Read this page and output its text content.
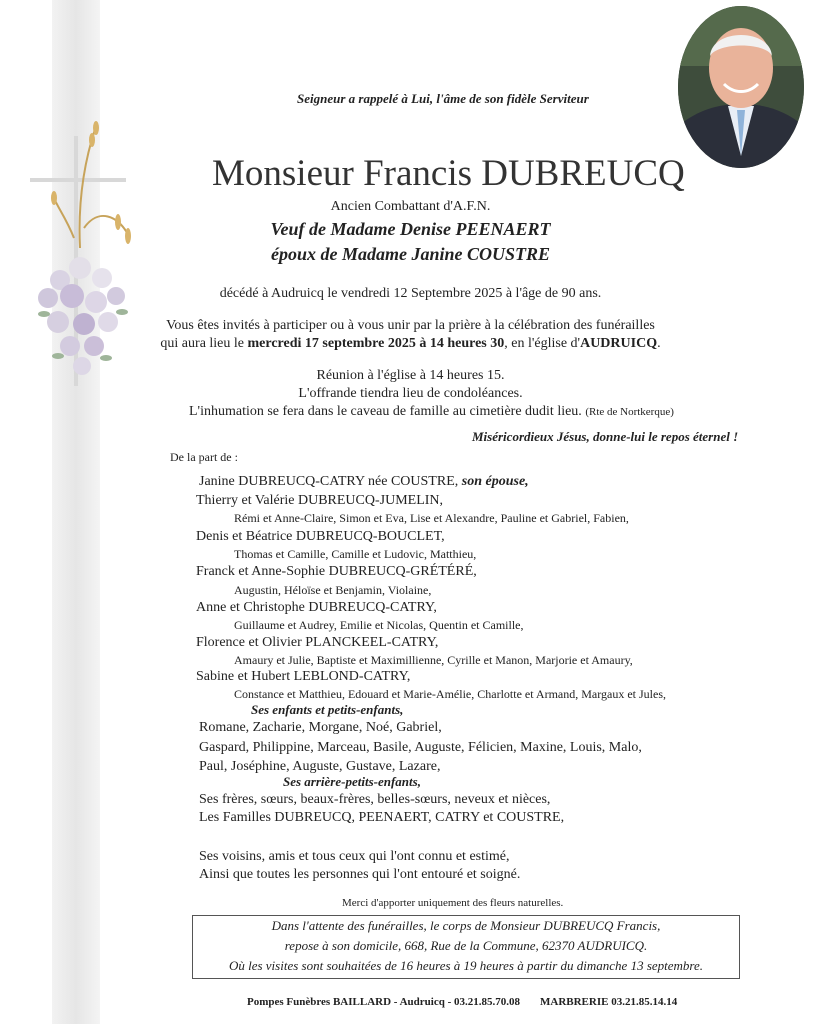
Seigneur a rappelé à Lui, l'âme de son fidèle Serviteur
Monsieur Francis DUBREUCQ
Ancien Combattant d'A.F.N.
Veuf de Madame Denise PEENAERT
époux de Madame Janine COUSTRE
décédé à Audruicq le vendredi 12 Septembre 2025 à l'âge de 90 ans.
Vous êtes invités à participer ou à vous unir par la prière à la célébration des funérailles
qui aura lieu le mercredi 17 septembre 2025 à 14 heures 30, en l'église d'AUDRUICQ.
Réunion à l'église à 14 heures 15.
L'offrande tiendra lieu de condoléances.
L'inhumation se fera dans le caveau de famille au cimetière dudit lieu. (Rte de Nortkerque)
Miséricordieux Jésus, donne-lui le repos éternel !
De la part de :
Janine DUBREUCQ-CATRY née COUSTRE, son épouse,
Thierry et Valérie DUBREUCQ-JUMELIN,
Rémi et Anne-Claire, Simon et Eva, Lise et Alexandre, Pauline et Gabriel, Fabien,
Denis et Béatrice DUBREUCQ-BOUCLET,
Thomas et Camille, Camille et Ludovic, Matthieu,
Franck et Anne-Sophie DUBREUCQ-GRÉTÉRÉ,
Augustin, Héloïse et Benjamin, Violaine,
Anne et Christophe DUBREUCQ-CATRY,
Guillaume et Audrey, Emilie et Nicolas, Quentin et Camille,
Florence et Olivier PLANCKEEL-CATRY,
Amaury et Julie, Baptiste et Maximillienne, Cyrille et Manon, Marjorie et Amaury,
Sabine et Hubert LEBLOND-CATRY,
Constance et Matthieu, Edouard et Marie-Amélie, Charlotte et Armand, Margaux et Jules,
Ses enfants et petits-enfants,
Romane, Zacharie, Morgane, Noé, Gabriel,
Gaspard, Philippine, Marceau, Basile, Auguste, Félicien, Maxine, Louis, Malo,
Paul, Joséphine, Auguste, Gustave, Lazare,
Ses arrière-petits-enfants,
Ses frères, sœurs, beaux-frères, belles-sœurs, neveux et nièces,
Les Familles DUBREUCQ, PEENAERT, CATRY et COUSTRE,
Ses voisins, amis et tous ceux qui l'ont connu et estimé,
Ainsi que toutes les personnes qui l'ont entouré et soigné.
Merci d'apporter uniquement des fleurs naturelles.
Dans l'attente des funérailles, le corps de Monsieur DUBREUCQ Francis,
repose à son domicile, 668, Rue de la Commune, 62370 AUDRUICQ.
Où les visites sont souhaitées de 16 heures à 19 heures à partir du dimanche 13 septembre.
Pompes Funèbres BAILLARD - Audruicq - 03.21.85.70.08 MARBRERIE 03.21.85.14.14
